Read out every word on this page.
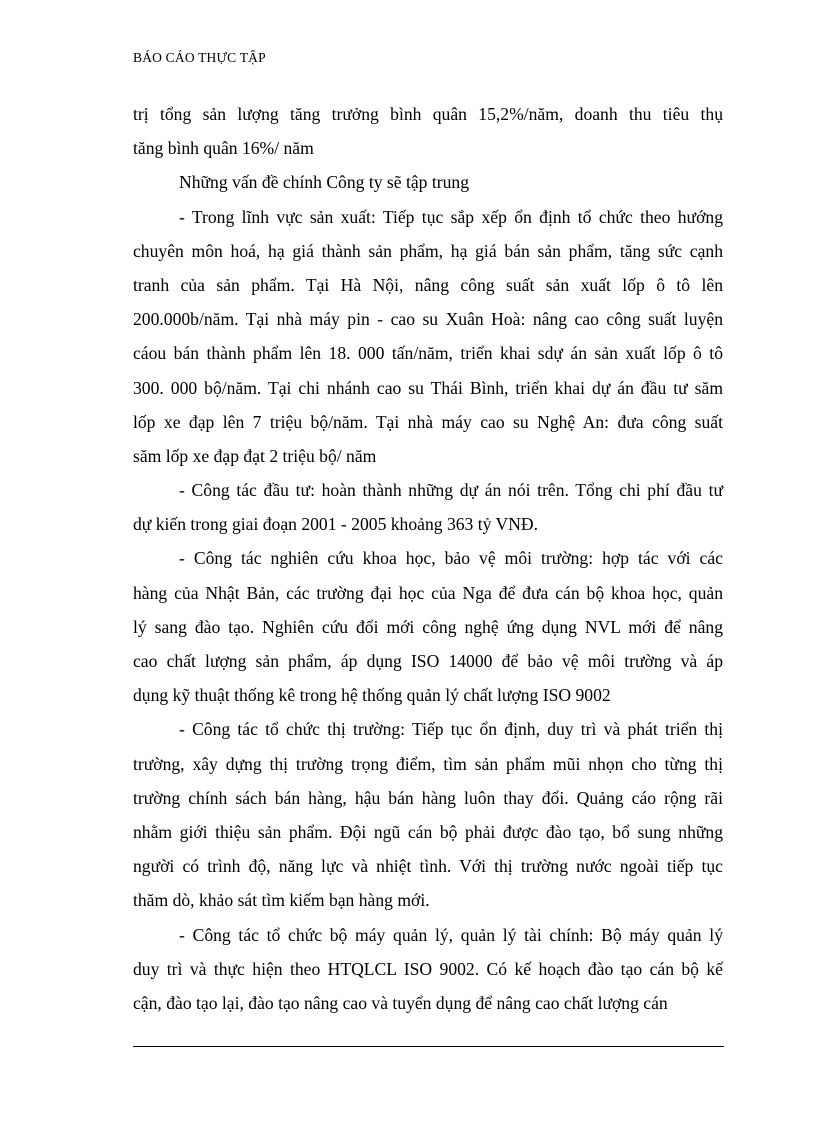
BÁO CÁO THỰC TẬP
trị tổng sản lượng tăng trưởng bình quân 15,2%/năm, doanh thu tiêu thụ
tăng bình quân 16%/ năm
Những vấn đề chính Công ty sẽ tập trung
- Trong lĩnh vực sản xuất: Tiếp tục sắp xếp ổn định tổ chức theo hướng
chuyên môn hoá, hạ giá thành sản phẩm, hạ giá bán sản phẩm, tăng sức cạnh
tranh của sản phẩm. Tại Hà Nội, nâng công suất sản xuất lốp ô tô lên
200.000b/năm. Tại nhà máy pin - cao su Xuân Hoà: nâng cao công suất luyện
cáou bán thành phẩm lên 18. 000 tấn/năm, triển khai sdự án sản xuất lốp ô tô
300. 000 bộ/năm. Tại chi nhánh cao su Thái Bình, triển khai dự án đầu tư săm
lốp xe đạp lên 7 triệu bộ/năm. Tại nhà máy cao su Nghệ An: đưa công suất
săm lốp xe đạp đạt 2 triệu bộ/ năm
- Công tác đầu tư: hoàn thành những dự án nói trên. Tổng chi phí đầu tư
dự kiến trong giai đoạn 2001 - 2005 khoảng 363 tỷ VNĐ.
- Công tác nghiên cứu khoa học, bảo vệ môi trường: hợp tác với các
hàng của Nhật Bản, các trường đại học của Nga để đưa cán bộ khoa học, quản
lý sang đào tạo. Nghiên cứu đổi mới công nghệ ứng dụng NVL mới để nâng
cao chất lượng sản phẩm, áp dụng ISO 14000 để bảo vệ môi trường và áp
dụng kỹ thuật thống kê trong hệ thống quản lý chất lượng ISO 9002
- Công tác tổ chức thị trường: Tiếp tục ổn định, duy trì và phát triển thị
trường, xây dựng thị trường trọng điểm, tìm sản phẩm mũi nhọn cho từng thị
trường chính sách bán hàng, hậu bán hàng luôn thay đổi. Quảng cáo rộng rãi
nhằm giới thiệu sản phẩm. Đội ngũ cán bộ phải được đào tạo, bổ sung những
người có trình độ, năng lực và nhiệt tình. Với thị trường nước ngoài tiếp tục
thăm dò, khảo sát tìm kiếm bạn hàng mới.
- Công tác tổ chức bộ máy quản lý, quản lý tài chính: Bộ máy quản lý
duy trì và thực hiện theo HTQLCL ISO 9002. Có kế hoạch đào tạo cán bộ kế
cận, đào tạo lại, đào tạo nâng cao và tuyển dụng để nâng cao chất lượng cán
